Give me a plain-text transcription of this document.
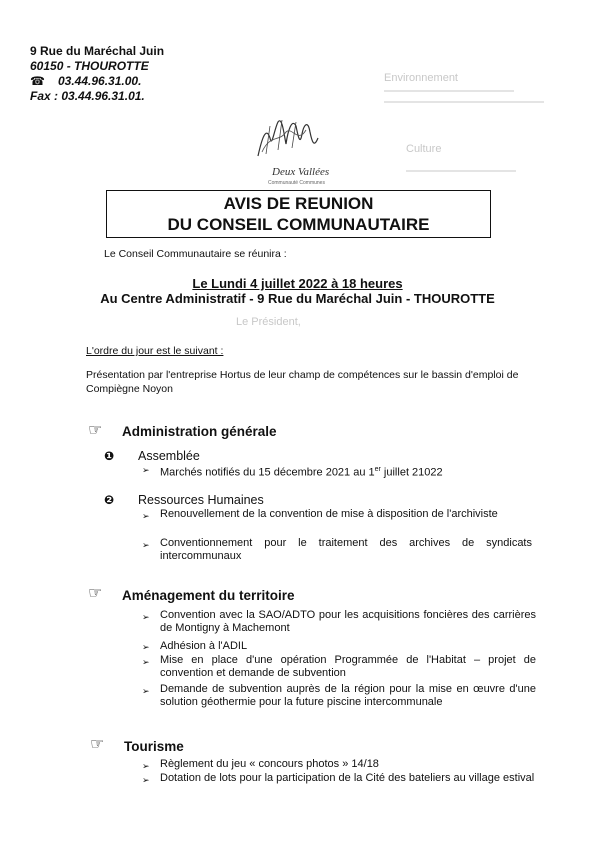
Environnement
Culture
Le Président,
9 Rue du Maréchal Juin
60150 - THOUROTTE
☎ 03.44.96.31.00.
Fax : 03.44.96.31.01.
Deux Vallées
Communauté Communes
AVIS DE REUNION
DU CONSEIL COMMUNAUTAIRE
Le Conseil Communautaire se réunira :
Le Lundi 4 juillet 2022 à 18 heures
Au Centre Administratif - 9 Rue du Maréchal Juin - THOUROTTE
L'ordre du jour est le suivant :
Présentation par l'entreprise Hortus de leur champ de compétences sur le bassin d'emploi de Compiègne Noyon
☞ Administration générale
❶ Assemblée
➢ Marchés notifiés du 15 décembre 2021 au 1er juillet 21022
❷ Ressources Humaines
➢ Renouvellement de la convention de mise à disposition de l'archiviste
➢ Conventionnement pour le traitement des archives de syndicats intercommunaux
☞ Aménagement du territoire
➢ Convention avec la SAO/ADTO pour les acquisitions foncières des carrières de Montigny à Machemont
➢ Adhésion à l'ADIL
➢ Mise en place d'une opération Programmée de l'Habitat – projet de convention et demande de subvention
➢ Demande de subvention auprès de la région pour la mise en œuvre d'une solution géothermie pour la future piscine intercommunale
☞ Tourisme
➢ Règlement du jeu « concours photos » 14/18
➢ Dotation de lots pour la participation de la Cité des bateliers au village estival
